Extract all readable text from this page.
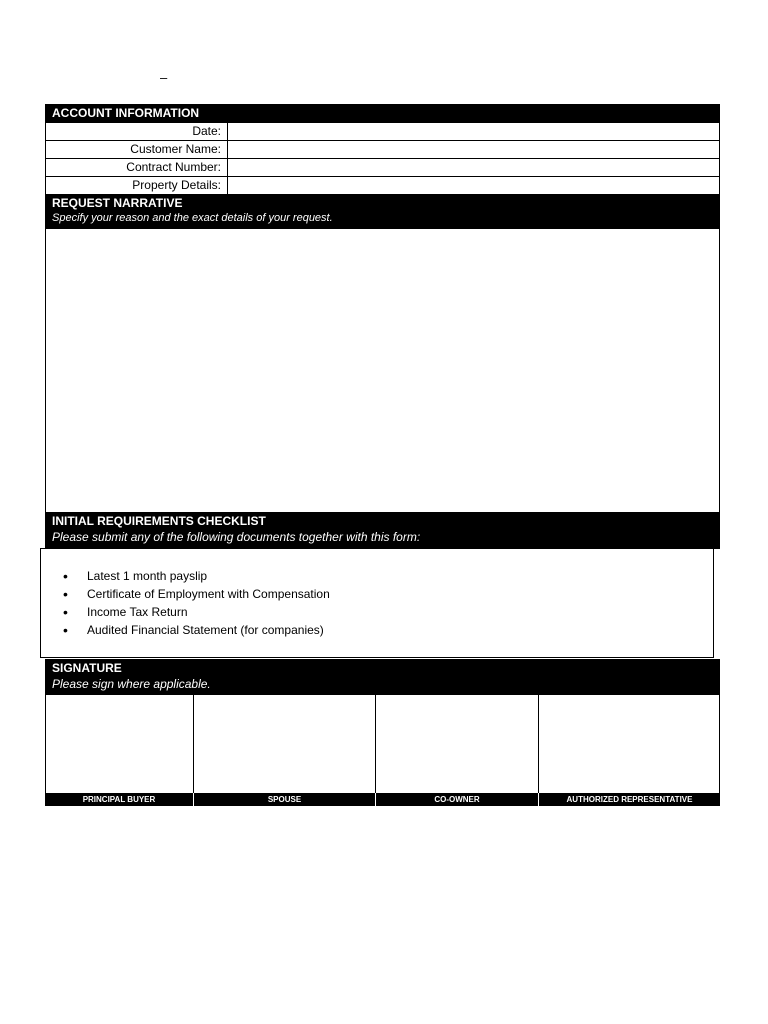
–
ACCOUNT INFORMATION
Date:
Customer Name:
Contract Number:
Property Details:
REQUEST NARRATIVE
Specify your reason and the exact details of your request.
INITIAL REQUIREMENTS CHECKLIST
Please submit any of the following documents together with this form:
• Latest 1 month payslip
• Certificate of Employment with Compensation
• Income Tax Return
• Audited Financial Statement (for companies)
SIGNATURE
Please sign where applicable.
PRINCIPAL BUYER	SPOUSE	CO-OWNER	AUTHORIZED REPRESENTATIVE
